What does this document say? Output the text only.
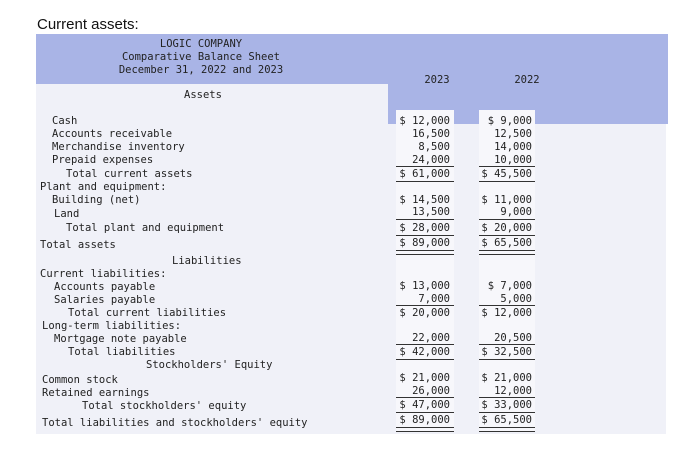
Current assets:
LOGIC COMPANY
Comparative Balance Sheet
December 31, 2022 and 2023
2023	2022
Assets
Liabilities
Stockholders' Equity
Cash
Accounts receivable
Merchandise inventory
Prepaid expenses
Total current assets
Plant and equipment:
Building (net)
Land
Total plant and equipment
Total assets
Current liabilities:
Accounts payable
Salaries payable
Total current liabilities
Long-term liabilities:
Mortgage note payable
Total liabilities
Common stock
Retained earnings
Total stockholders' equity
Total liabilities and stockholders' equity
$ 12,000
16,500
8,500
24,000
$ 61,000
$ 14,500
13,500
$ 28,000
$ 89,000
$ 13,000
7,000
$ 20,000
22,000
$ 42,000
$ 21,000
26,000
$ 47,000
$ 89,000
$ 9,000
12,500
14,000
10,000
$ 45,500
$ 11,000
9,000
$ 20,000
$ 65,500
$ 7,000
5,000
$ 12,000
20,500
$ 32,500
$ 21,000
12,000
$ 33,000
$ 65,500
